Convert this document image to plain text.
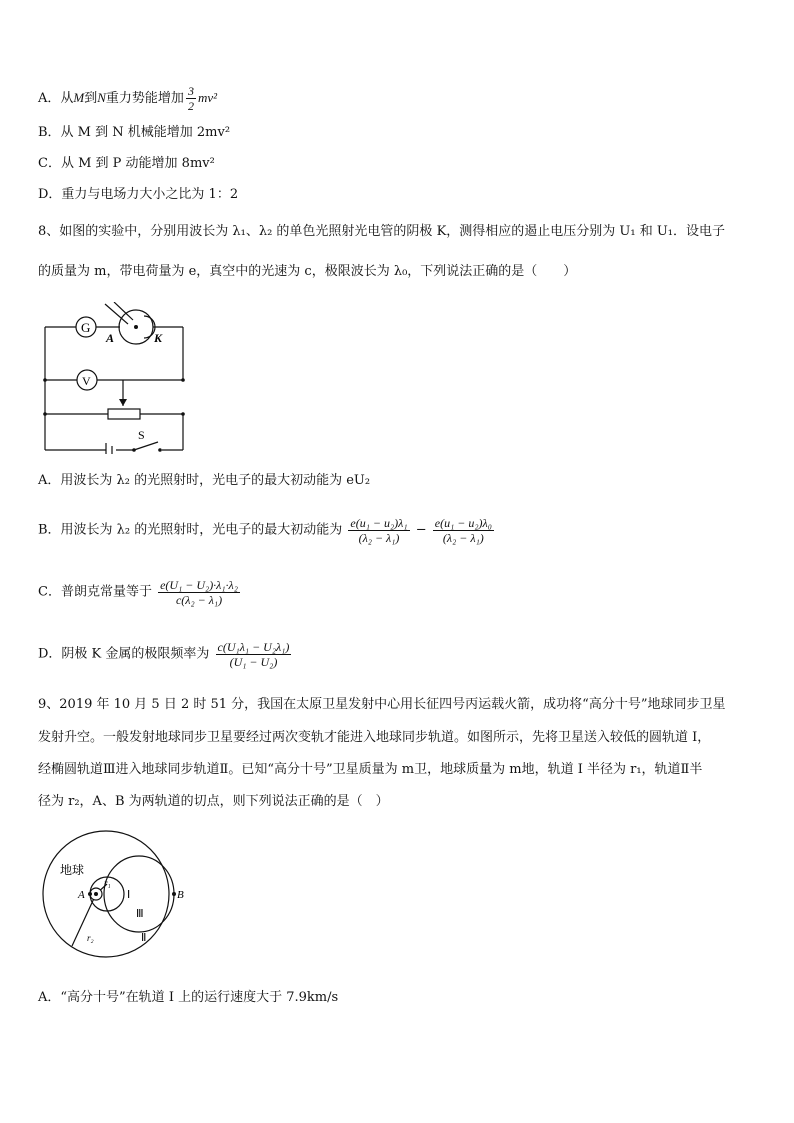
A．从M到N重力势能增加 $\frac{3}{2} mv^2$
B．从 M 到 N 机械能增加 2mv²
C．从 M 到 P 动能增加 8mv²
D．重力与电场力大小之比为 1：2
8、如图的实验中，分别用波长为 λ₁、λ₂ 的单色光照射光电管的阴极 K，测得相应的遏止电压分别为 U₁ 和 U₁．设电子
的质量为 m，带电荷量为 e，真空中的光速为 c，极限波长为 λ₀，下列说法正确的是（　　）
G
V
A	K
S
A．用波长为 λ₂ 的光照射时，光电子的最大初动能为 eU₂
B．用波长为 λ₂ 的光照射时，光电子的最大初动能为 $\frac{\text{e(u₁ − u₂)λ₁}}{\text{(λ₂ − λ₁)}} - \frac{\text{e(u₁ − u₂)λ₀}}{\text{(λ₂ − λ₁)}}$
C．普朗克常量等于 $\frac{\text{e(U₁ − U₂)·λ₁·λ₂}}{\text{c(λ₂ − λ₁)}}$
D．阴极 K 金属的极限频率为 $\frac{\text{c(U₁λ₁ − U₂λ₁)}}{\text{(U₁ − U₂)}}$
9、2019 年 10 月 5 日 2 时 51 分，我国在太原卫星发射中心用长征四号丙运载火箭，成功将“高分十号”地球同步卫星
发射升空。一般发射地球同步卫星要经过两次变轨才能进入地球同步轨道。如图所示，先将卫星送入较低的圆轨道 Ⅰ，
经椭圆轨道Ⅲ进入地球同步轨道Ⅱ。已知“高分十号”卫星质量为 m卫，地球质量为 m地，轨道 Ⅰ 半径为 r₁，轨道Ⅱ半
径为 r₂，A、B 为两轨道的切点，则下列说法正确的是（　）
地球
A	B
r₁
r₂
Ⅰ
Ⅲ
Ⅱ
A．“高分十号”在轨道 Ⅰ 上的运行速度大于 7.9km/s
